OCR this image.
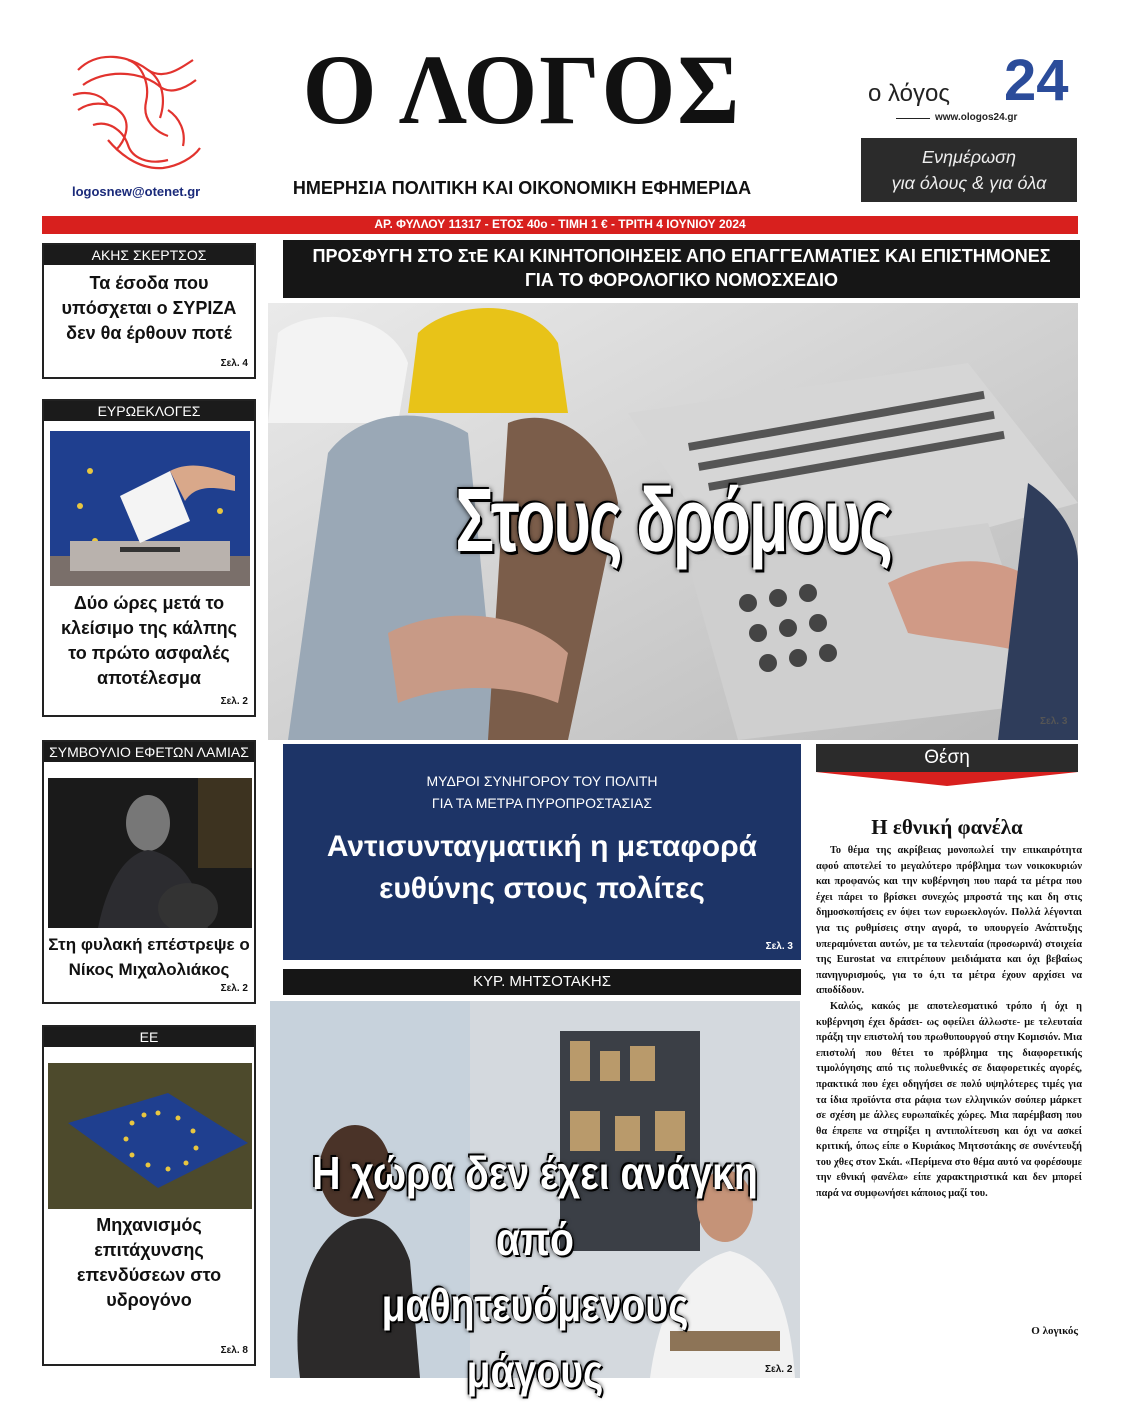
Ο ΛΟΓΟΣ
ΗΜΕΡΗΣΙΑ ΠΟΛΙΤΙΚΗ ΚΑΙ ΟΙΚΟΝΟΜΙΚΗ ΕΦΗΜΕΡΙΔΑ
logosnew@otenet.gr
ο λόγος 24
www.ologos24.gr
Ενημέρωση
για όλους & για όλα
ΑΡ. ΦΥΛΛΟΥ 11317 - ΕΤΟΣ 40ο - ΤΙΜΗ 1 € - ΤΡΙΤΗ 4 ΙΟΥΝΙΟΥ 2024
ΑΚΗΣ ΣΚΕΡΤΣΟΣ
Τα έσοδα που υπόσχεται ο ΣΥΡΙΖΑ δεν θα έρθουν ποτέ
Σελ. 4
ΕΥΡΩΕΚΛΟΓΕΣ
Δύο ώρες μετά το κλείσιμο της κάλπης το πρώτο ασφαλές αποτέλεσμα
Σελ. 2
ΣΥΜΒΟΥΛΙΟ ΕΦΕΤΩΝ ΛΑΜΙΑΣ
Στη φυλακή επέστρεψε ο Νίκος Μιχαλολιάκος
Σελ. 2
ΕΕ
Μηχανισμός επιτάχυνσης επενδύσεων στο υδρογόνο
Σελ. 8
ΠΡΟΣΦΥΓΗ ΣΤΟ ΣτΕ ΚΑΙ ΚΙΝΗΤΟΠΟΙΗΣΕΙΣ ΑΠΟ ΕΠΑΓΓΕΛΜΑΤΙΕΣ ΚΑΙ ΕΠΙΣΤΗΜΟΝΕΣ
ΓΙΑ ΤΟ ΦΟΡΟΛΟΓΙΚΟ ΝΟΜΟΣΧΕΔΙΟ
Στους δρόμους
Σελ. 3
ΜΥΔΡΟΙ ΣΥΝΗΓΟΡΟΥ ΤΟΥ ΠΟΛΙΤΗ
ΓΙΑ ΤΑ ΜΕΤΡΑ ΠΥΡΟΠΡΟΣΤΑΣΙΑΣ
Αντισυνταγματική η μεταφορά
ευθύνης στους πολίτες
Σελ. 3
ΚΥΡ. ΜΗΤΣΟΤΑΚΗΣ
Η χώρα δεν έχει ανάγκη από
μαθητευόμενους μάγους	Σελ. 2
Θέση
Η εθνική φανέλα

Το θέμα της ακρίβειας μονοπωλεί την επικαιρότητα αφού αποτελεί το μεγαλύτερο πρόβλημα των νοικοκυριών και προφανώς και την κυβέρνηση που παρά τα μέτρα που έχει πάρει το βρίσκει συνεχώς μπροστά της και δη στις δημοσκοπήσεις εν όψει των ευρωεκλογών. Πολλά λέγονται για τις ρυθμίσεις στην αγορά, το υπουργείο Ανάπτυξης υπεραμύνεται αυτών, με τα τελευταία (προσωρινά) στοιχεία της Eurostat να επιτρέπουν μειδιάματα και όχι βεβαίως πανηγυρισμούς, για το ό,τι τα μέτρα έχουν αρχίσει να αποδίδουν.

Καλώς, κακώς με αποτελεσματικό τρόπο ή όχι η κυβέρνηση έχει δράσει- ως οφείλει άλλωστε- με τελευταία πράξη την επιστολή του πρωθυπουργού στην Κομισιόν. Μια επιστολή που θέτει το πρόβλημα της διαφορετικής τιμολόγησης από τις πολυεθνικές σε διαφορετικές αγορές, πρακτικά που έχει οδηγήσει σε πολύ υψηλότερες τιμές για τα ίδια προϊόντα στα ράφια των ελληνικών σούπερ μάρκετ σε σχέση με άλλες ευρωπαϊκές χώρες. Μια παρέμβαση που θα έπρεπε να στηρίξει η αντιπολίτευση και όχι να ασκεί κριτική, όπως είπε ο Κυριάκος Μητσοτάκης σε συνέντευξή του χθες στον Σκάι. «Περίμενα στο θέμα αυτό να φορέσουμε την εθνική φανέλα» είπε χαρακτηριστικά και δεν μπορεί παρά να συμφωνήσει κάποιος μαζί του.

Ο λογικός
